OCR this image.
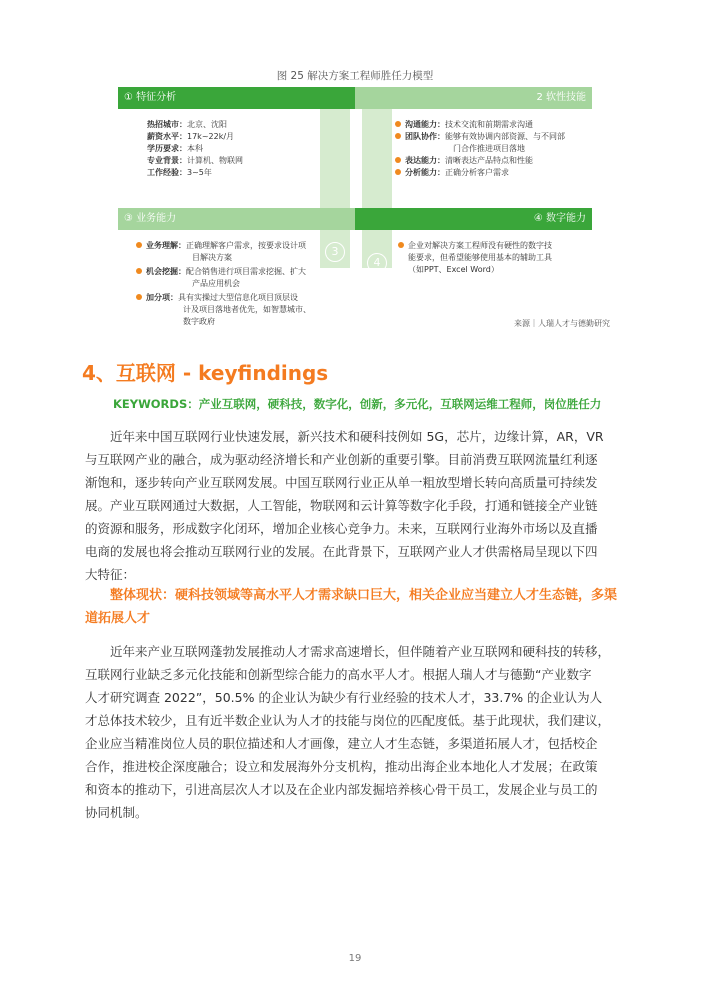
图 25 解决方案工程师胜任力模型
① 特征分析	2 软性技能
③ 业务能力	④ 数字能力
1
2
3
4
热招城市：北京、沈阳
薪资水平：17k~22k/月
学历要求：本科
专业背景：计算机、物联网
工作经验：3~5年
沟通能力：技术交流和前期需求沟通
团队协作：能够有效协调内部资源、与不同部
门合作推进项目落地
表达能力：清晰表达产品特点和性能
分析能力：正确分析客户需求
业务理解：正确理解客户需求，按要求设计项
目解决方案
机会挖掘：配合销售进行项目需求挖掘、扩大
产品应用机会
加分项：具有实操过大型信息化项目顶层设
计及项目落地者优先，如智慧城市、
数字政府
企业对解决方案工程师没有硬性的数字技
能要求，但希望能够使用基本的辅助工具
（如PPT、Excel Word）
来源｜人瑞人才与德勤研究
4、互联网 - keyfindings
KEYWORDS：产业互联网，硬科技，数字化，创新，多元化，互联网运维工程师，岗位胜任力
近年来中国互联网行业快速发展，新兴技术和硬科技例如 5G，芯片，边缘计算，AR，VR
与互联网产业的融合，成为驱动经济增长和产业创新的重要引擎。目前消费互联网流量红利逐
渐饱和，逐步转向产业互联网发展。中国互联网行业正从单一粗放型增长转向高质量可持续发
展。产业互联网通过大数据，人工智能，物联网和云计算等数字化手段，打通和链接全产业链
的资源和服务，形成数字化闭环，增加企业核心竞争力。未来，互联网行业海外市场以及直播
电商的发展也将会推动互联网行业的发展。在此背景下，互联网产业人才供需格局呈现以下四
大特征：
整体现状：硬科技领域等高水平人才需求缺口巨大，相关企业应当建立人才生态链，多渠
道拓展人才
近年来产业互联网蓬勃发展推动人才需求高速增长，但伴随着产业互联网和硬科技的转移，
互联网行业缺乏多元化技能和创新型综合能力的高水平人才。根据人瑞人才与德勤“产业数字
人才研究调查 2022”，50.5% 的企业认为缺少有行业经验的技术人才，33.7% 的企业认为人
才总体技术较少，且有近半数企业认为人才的技能与岗位的匹配度低。基于此现状，我们建议，
企业应当精准岗位人员的职位描述和人才画像，建立人才生态链，多渠道拓展人才，包括校企
合作，推进校企深度融合；设立和发展海外分支机构，推动出海企业本地化人才发展；在政策
和资本的推动下，引进高层次人才以及在企业内部发掘培养核心骨干员工，发展企业与员工的
协同机制。
19
